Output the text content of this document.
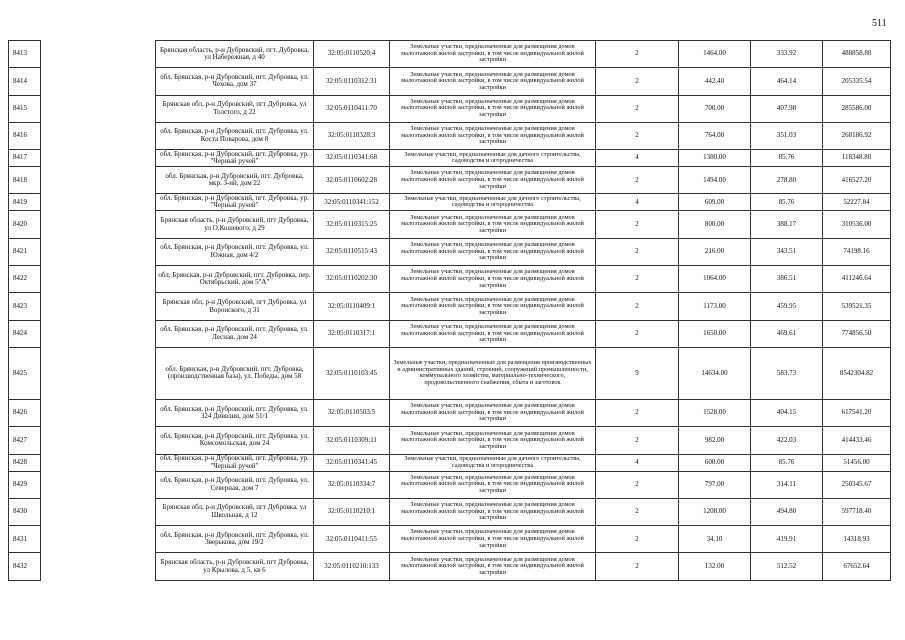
511
8413		Брянская область, р-н Дубровский, пгт. Дубровка, ул Набережная, д 40	32:05:0110520:4	Земельные участки, предназначенные для размещения домов малоэтажной жилой застройки, в том числе индивидуальной жилой застройки	2	1464.00	333.92	488858.88
8414		обл. Брянская, р-н Дубровский, пгт. Дубровка, ул. Чехова, дом 37	32:05:0110312:31	Земельные участки, предназначенные для размещения домов малоэтажной жилой застройки, в том числе индивидуальной жилой застройки	2	442.40	464.14	205335.54
8415		Брянская обл, р-н Дубровский, пгт Дубровка, ул Толстого, д 22	32:05:0110411:70	Земельные участки, предназначенные для размещения домов малоэтажной жилой застройки, в том числе индивидуальной жилой застройки	2	700.00	407.98	285586.00
8416		обл. Брянская, р-н Дубровский, пгт. Дубровка, ул. Коста Поварова, дом 8	32:05:0110328:3	Земельные участки, предназначенные для размещения домов малоэтажной жилой застройки, в том числе индивидуальной жилой застройки	2	764.00	351.03	268186.92
8417		обл. Брянская, р-н Дубровский, пгт. Дубровка, ур. "Черный ручей"	32:05:0110341:68	Земельные участки, предназначенные для дачного строительства, садоводства и огородничества	4	1380.00	85.76	118348.80
8418		обл. Брянская, р-н Дубровский, пгт. Дубровка, мкр. 3-ий, дом 22	32:05:0110602:28	Земельные участки, предназначенные для размещения домов малоэтажной жилой застройки, в том числе индивидуальной жилой застройки	2	1494.00	278.80	416527.20
8419		обл. Брянская, р-н Дубровский, пгт. Дубровка, ур. "Черный ручей"	32:05:0110341:152	Земельные участки, предназначенные для дачного строительства, садоводства и огородничества	4	609.00	85.76	52227.84
8420		Брянская область, р-н Дубровский, пгт Дубровка, ул О.Кошевого, д 29	32:05:0110315:25	Земельные участки, предназначенные для размещения домов малоэтажной жилой застройки, в том числе индивидуальной жилой застройки	2	800.00	388.17	310536.00
8421		обл. Брянская, р-н Дубровский, пгт. Дубровка, ул. Южная, дом 4/2	32:05:0110515:43	Земельные участки, предназначенные для размещения домов малоэтажной жилой застройки, в том числе индивидуальной жилой застройки	2	216.00	343.51	74198.16
8422		обл. Брянская, р-н Дубровский, пгт. Дубровка, пер. Октябрьский, дом 5"А"	32:05:0110202:30	Земельные участки, предназначенные для размещения домов малоэтажной жилой застройки, в том числе индивидуальной жилой застройки	2	1064.00	386.51	411246.64
8423		Брянская обл, р-н Дубровский, пгт Дубровка, ул Воронского, д 31	32:05:0110409:1	Земельные участки, предназначенные для размещения домов малоэтажной жилой застройки, в том числе индивидуальной жилой застройки	2	1173.00	459.95	539521.35
8424		обл. Брянская, р-н Дубровский, пгт. Дубровка, ул. Лесная, дом 24	32:05:0110317:1	Земельные участки, предназначенные для размещения домов малоэтажной жилой застройки, в том числе индивидуальной жилой застройки	2	1650.00	469.61	774856.50
8425		обл. Брянская, р-н Дубровский, пгт. Дубровка, (производственная база), ул. Победы, дом 58	32:05:0110103:45	Земельные участки, предназначенные для размещения производственных и административных зданий, строений, сооружений промышленности, коммунального хозяйства, материально-технического, продовольственного снабжения, сбыта и заготовок	9	14634.00	583.73	8542304.82
8426		обл. Брянская, р-н Дубровский, пгт. Дубровка, ул. 324 Дивизии, дом 51/1	32:05:0110503:5	Земельные участки, предназначенные для размещения домов малоэтажной жилой застройки, в том числе индивидуальной жилой застройки	2	1528.00	404.15	617541.20
8427		обл. Брянская, р-н Дубровский, пгт. Дубровка, ул. Комсомольская, дом 24	32:05:0110309:11	Земельные участки, предназначенные для размещения домов малоэтажной жилой застройки, в том числе индивидуальной жилой застройки	2	982.00	422.03	414433.46
8428		обл. Брянская, р-н Дубровский, пгт. Дубровка, ур. "Черный ручей"	32:05:0110341:45	Земельные участки, предназначенные для дачного строительства, садоводства и огородничества	4	600.00	85.76	51456.00
8429		обл. Брянская, р-н Дубровский, пгт. Дубровка, ул. Северная, дом 7	32:05:0110334:7	Земельные участки, предназначенные для размещения домов малоэтажной жилой застройки, в том числе индивидуальной жилой застройки	2	797.00	314.11	250345.67
8430		Брянская обл, р-н Дубровский, пгт Дубровка, ул Школьная, д 12	32:05:0110210:1	Земельные участки, предназначенные для размещения домов малоэтажной жилой застройки, в том числе индивидуальной жилой застройки	2	1208.00	494.80	597718.40
8431		обл. Брянская, р-н Дубровский, пгт. Дубровка, ул. Зверькова, дом 19/2	32:05:0110411:55	Земельные участки, предназначенные для размещения домов малоэтажной жилой застройки, в том числе индивидуальной жилой застройки	2	34.10	419.91	14318.93
8432		Брянская область, р-н Дубровский, пгт Дубровка, ул Крылова, д 5, кв 6	32:05:0110210:133	Земельные участки, предназначенные для размещения домов малоэтажной жилой застройки, в том числе индивидуальной жилой застройки	2	132.00	512.52	67652.64
